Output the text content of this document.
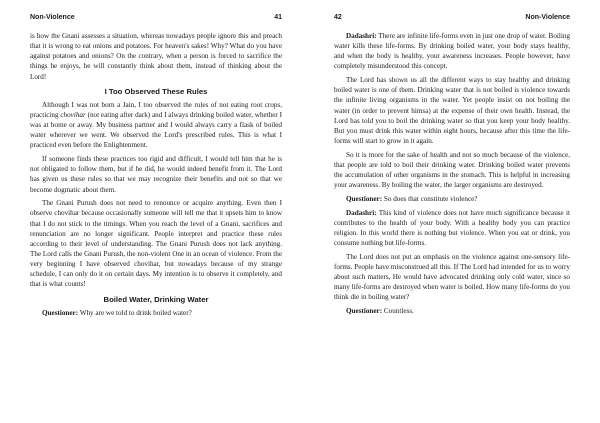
Non-Violence	41

is how the Gnani assesses a situation, whereas nowadays people ignore this and preach that it is wrong to eat onions and potatoes. For heaven's sakes! Why? What do you have against potatoes and onions? On the contrary, when a person is forced to sacrifice the things he enjoys, he will constantly think about them, instead of thinking about the Lord!

I Too Observed These Rules

Although I was not born a Jain, I too observed the rules of not eating root crops, practicing chovihar (not eating after dark) and I always drinking boiled water, whether I was at home or away. My business partner and I would always carry a flask of boiled water wherever we went. We observed the Lord's prescribed rules. This is what I practiced even before the Enlightenment.

If someone finds these practices too rigid and difficult, I would tell him that he is not obligated to follow them, but if he did, he would indeed benefit from it. The Lord has given us these rules so that we may recognize their benefits and not so that we become dogmatic about them.

The Gnani Purush does not need to renounce or acquire anything. Even then I observe chovihar because occasionally someone will tell me that it upsets him to know that I do not stick to the timings. When you reach the level of a Gnani, sacrifices and renunciation are no longer significant. People interpret and practice these rules according to their level of understanding. The Gnani Purush does not lack anything. The Lord calls the Gnani Purush, the non-violent One in an ocean of violence. From the very beginning I have observed chovihar, but nowadays because of my strange schedule, I can only do it on certain days. My intention is to observe it completely, and that is what counts!

Boiled Water, Drinking Water

Questioner: Why are we told to drink boiled water?

42	Non-Violence

Dadashri: There are infinite life-forms even in just one drop of water. Boiling water kills these life-forms. By drinking boiled water, your body stays healthy, and when the body is healthy, your awareness increases. People however, have completely misunderstood this concept.

The Lord has shown us all the different ways to stay healthy and drinking boiled water is one of them. Drinking water that is not boiled is violence towards the infinite living organisms in the water. Yet people insist on not boiling the water (in order to prevent himsa) at the expense of their own health. Instead, the Lord has told you to boil the drinking water so that you keep your body healthy. But you must drink this water within eight hours, because after this time the life-forms will start to grow in it again.

So it is more for the sake of health and not so much because of the violence, that people are told to boil their drinking water. Drinking boiled water prevents the accumulation of other organisms in the stomach. This is helpful in increasing your awareness. By boiling the water, the larger organisms are destroyed.

Questioner: So does that constitute violence?

Dadashri: This kind of violence does not have much significance because it contributes to the health of your body. With a healthy body you can practice religion. In this world there is nothing but violence. When you eat or drink, you consume nothing but life-forms.

The Lord does not put an emphasis on the violence against one-sensory life-forms. People have misconstrued all this. If The Lord had intended for us to worry about such matters, He would have advocated drinking only cold water, since so many life-forms are destroyed when water is boiled. How many life-forms do you think die in boiling water?

Questioner: Countless.
